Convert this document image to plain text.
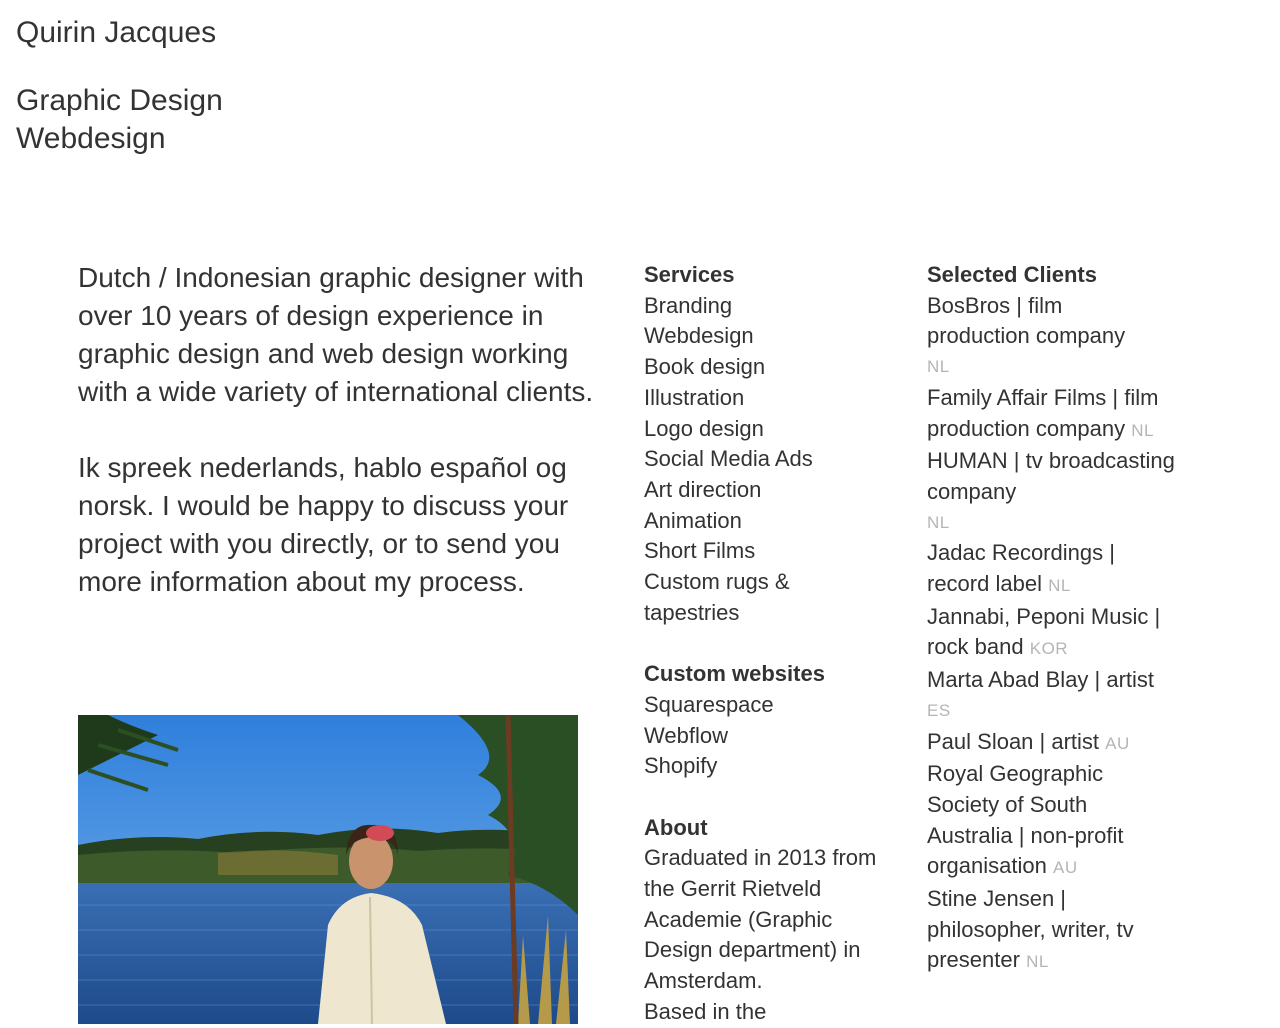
Quirin Jacques
Graphic Design
Webdesign

Dutch / Indonesian graphic designer with over 10 years of design experience in graphic design and web design working with a wide variety of international clients.

Ik spreek nederlands, hablo español og norsk. I would be happy to discuss your project with you directly, or to send you more information about my process.

Services
Branding
Webdesign
Book design
Illustration
Logo design
Social Media Ads
Art direction
Animation
Short Films
Custom rugs & tapestries
Custom websites
Squarespace
Webflow
Shopify
About
Graduated in 2013 from the Gerrit Rietveld Academie (Graphic Design department) in Amsterdam.
Based in the
Selected Clients
BosBros | film production company
NL
Family Affair Films | film production company NL
HUMAN | tv broadcasting company
NL
Jadac Recordings | record label NL
Jannabi, Peponi Music | rock band KOR
Marta Abad Blay | artist
ES
Paul Sloan | artist AU
Royal Geographic Society of South Australia | non-profit organisation AU
Stine Jensen | philosopher, writer, tv presenter NL
